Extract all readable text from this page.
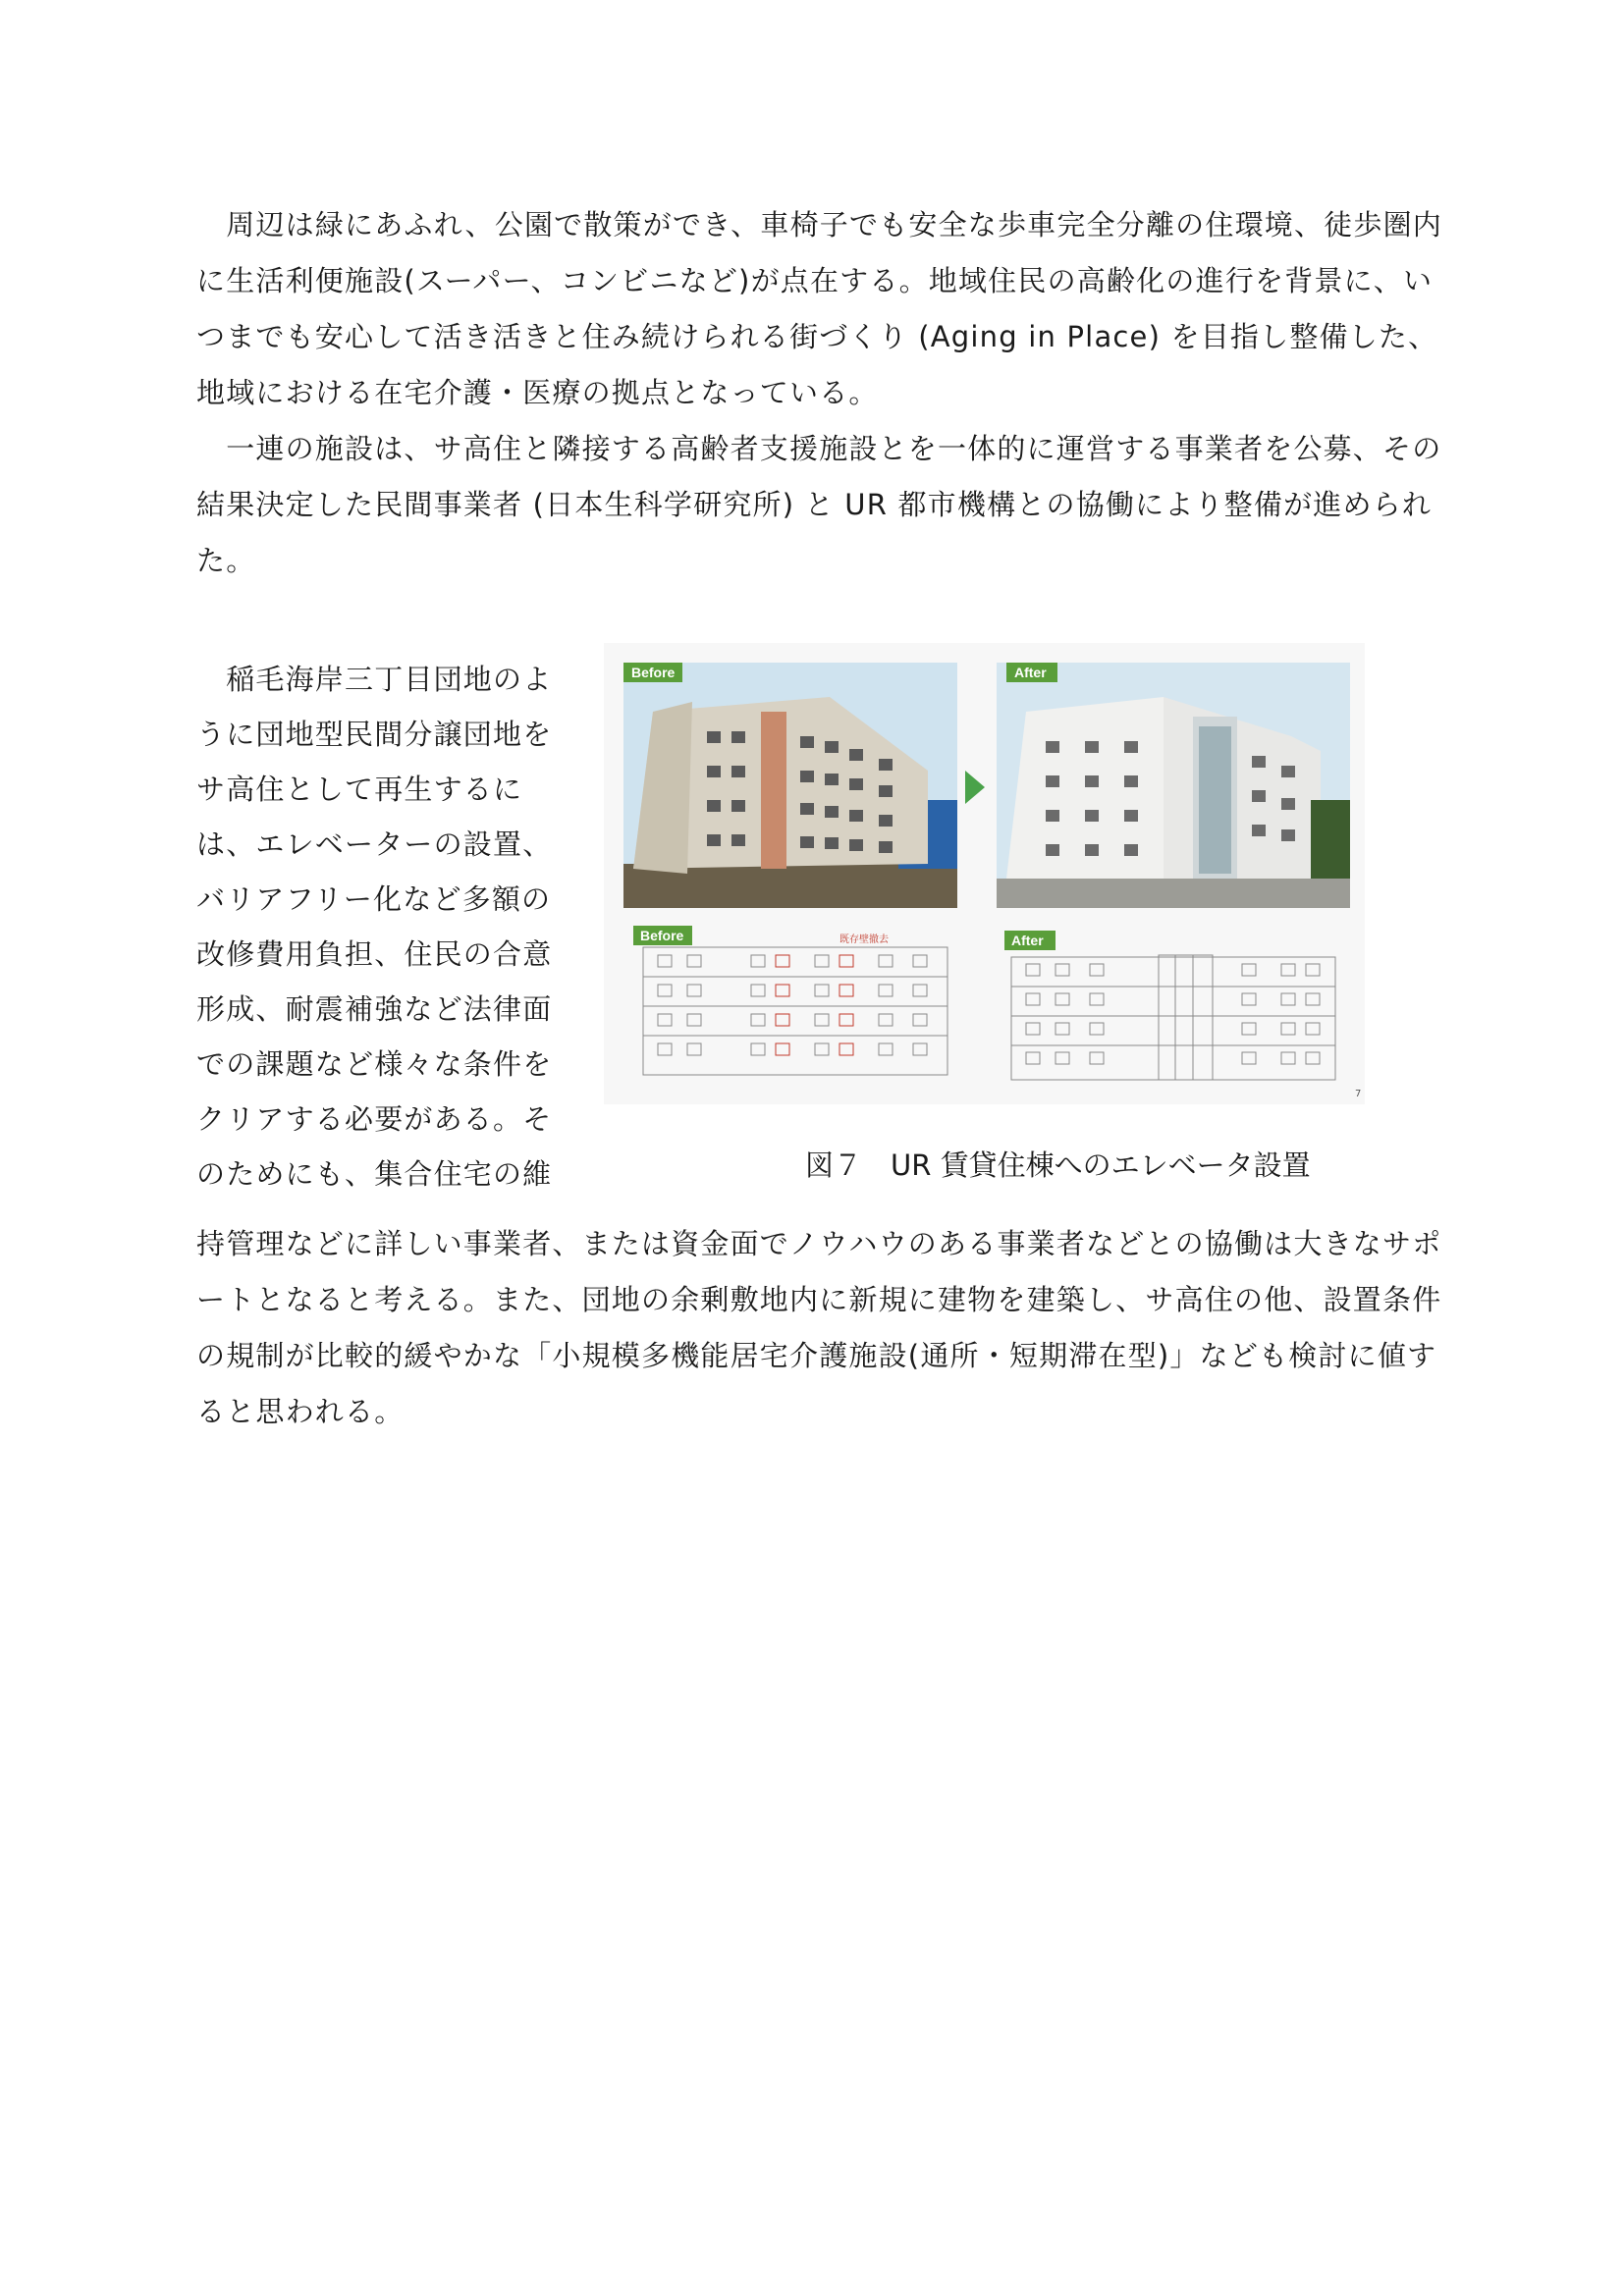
　周辺は緑にあふれ、公園で散策ができ、車椅子でも安全な歩車完全分離の住環境、徒歩圏内
に生活利便施設(スーパー、コンビニなど)が点在する。地域住民の高齢化の進行を背景に、い
つまでも安心して活き活きと住み続けられる街づくり (Aging in Place) を目指し整備した、
地域における在宅介護・医療の拠点となっている。
　一連の施設は、サ高住と隣接する高齢者支援施設とを一体的に運営する事業者を公募、その
結果決定した民間事業者 (日本生科学研究所) と UR 都市機構との協働により整備が進められ
た。
　稲毛海岸三丁目団地のよ
うに団地型民間分譲団地を
サ高住として再生するに
は、エレベーターの設置、
バリアフリー化など多額の
改修費用負担、住民の合意
形成、耐震補強など法律面
での課題など様々な条件を
クリアする必要がある。そ
のためにも、集合住宅の維
持管理などに詳しい事業者、または資金面でノウハウのある事業者などとの協働は大きなサポ
ートとなると考える。また、団地の余剰敷地内に新規に建物を建築し、サ高住の他、設置条件
の規制が比較的緩やかな「小規模多機能居宅介護施設(通所・短期滞在型)」なども検討に値す
ると思われる。
Before	After
既存壁撤去
Before	After
7
図７　UR 賃貸住棟へのエレベータ設置
